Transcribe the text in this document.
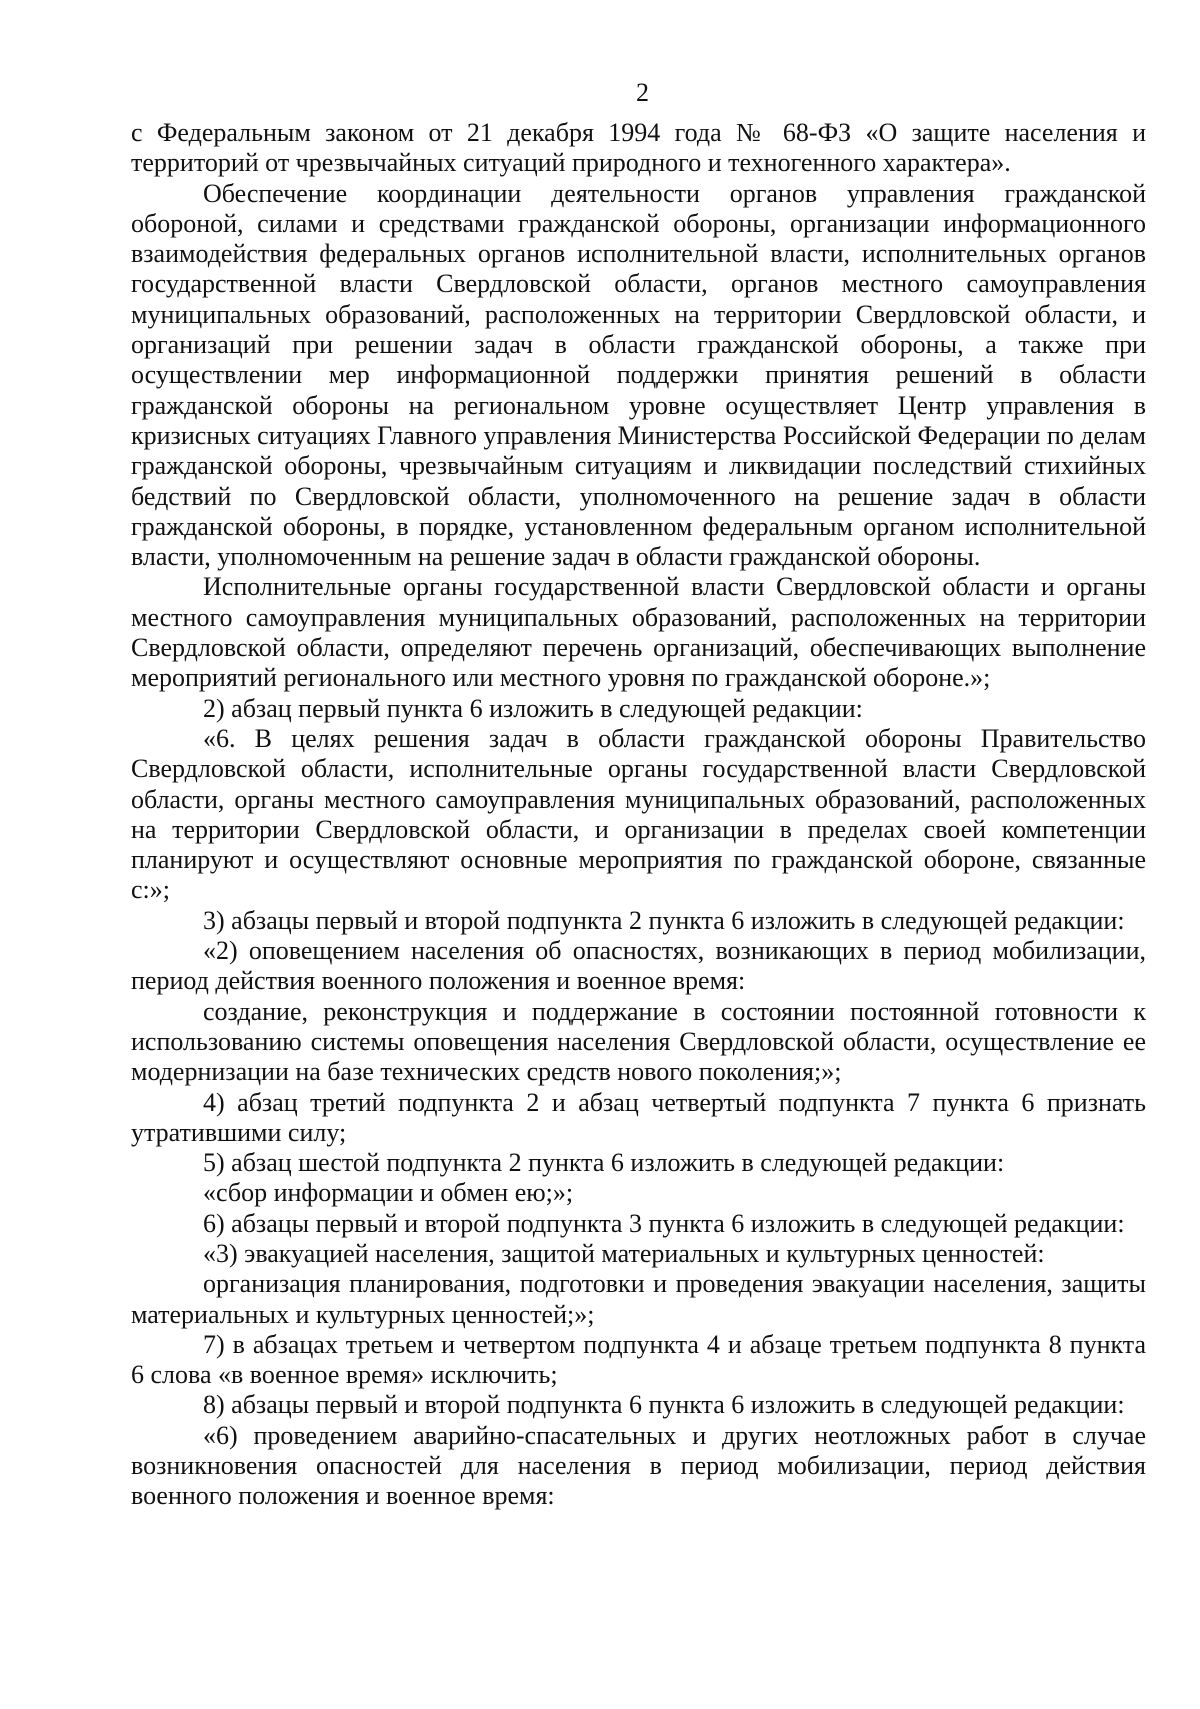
2

с Федеральным законом от 21 декабря 1994 года № 68-ФЗ «О защите населения и территорий от чрезвычайных ситуаций природного и техногенного характера».

Обеспечение координации деятельности органов управления гражданской обороной, силами и средствами гражданской обороны, организации информационного взаимодействия федеральных органов исполнительной власти, исполнительных органов государственной власти Свердловской области, органов местного самоуправления муниципальных образований, расположенных на территории Свердловской области, и организаций при решении задач в области гражданской обороны, а также при осуществлении мер информационной поддержки принятия решений в области гражданской обороны на региональном уровне осуществляет Центр управления в кризисных ситуациях Главного управления Министерства Российской Федерации по делам гражданской обороны, чрезвычайным ситуациям и ликвидации последствий стихийных бедствий по Свердловской области, уполномоченного на решение задач в области гражданской обороны, в порядке, установленном федеральным органом исполнительной власти, уполномоченным на решение задач в области гражданской обороны.

Исполнительные органы государственной власти Свердловской области и органы местного самоуправления муниципальных образований, расположенных на территории Свердловской области, определяют перечень организаций, обеспечивающих выполнение мероприятий регионального или местного уровня по гражданской обороне.»;

2) абзац первый пункта 6 изложить в следующей редакции:

«6. В целях решения задач в области гражданской обороны Правительство Свердловской области, исполнительные органы государственной власти Свердловской области, органы местного самоуправления муниципальных образований, расположенных на территории Свердловской области, и организации в пределах своей компетенции планируют и осуществляют основные мероприятия по гражданской обороне, связанные с:»;

3) абзацы первый и второй подпункта 2 пункта 6 изложить в следующей редакции:

«2) оповещением населения об опасностях, возникающих в период мобилизации, период действия военного положения и военное время:

создание, реконструкция и поддержание в состоянии постоянной готовности к использованию системы оповещения населения Свердловской области, осуществление ее модернизации на базе технических средств нового поколения;»;

4) абзац третий подпункта 2 и абзац четвертый подпункта 7 пункта 6 признать утратившими силу;

5) абзац шестой подпункта 2 пункта 6 изложить в следующей редакции:

«сбор информации и обмен ею;»;

6) абзацы первый и второй подпункта 3 пункта 6 изложить в следующей редакции:

«3) эвакуацией населения, защитой материальных и культурных ценностей:

организация планирования, подготовки и проведения эвакуации населения, защиты материальных и культурных ценностей;»;

7) в абзацах третьем и четвертом подпункта 4 и абзаце третьем подпункта 8 пункта 6 слова «в военное время» исключить;

8) абзацы первый и второй подпункта 6 пункта 6 изложить в следующей редакции:

«6) проведением аварийно-спасательных и других неотложных работ в случае возникновения опасностей для населения в период мобилизации, период действия военного положения и военное время:
